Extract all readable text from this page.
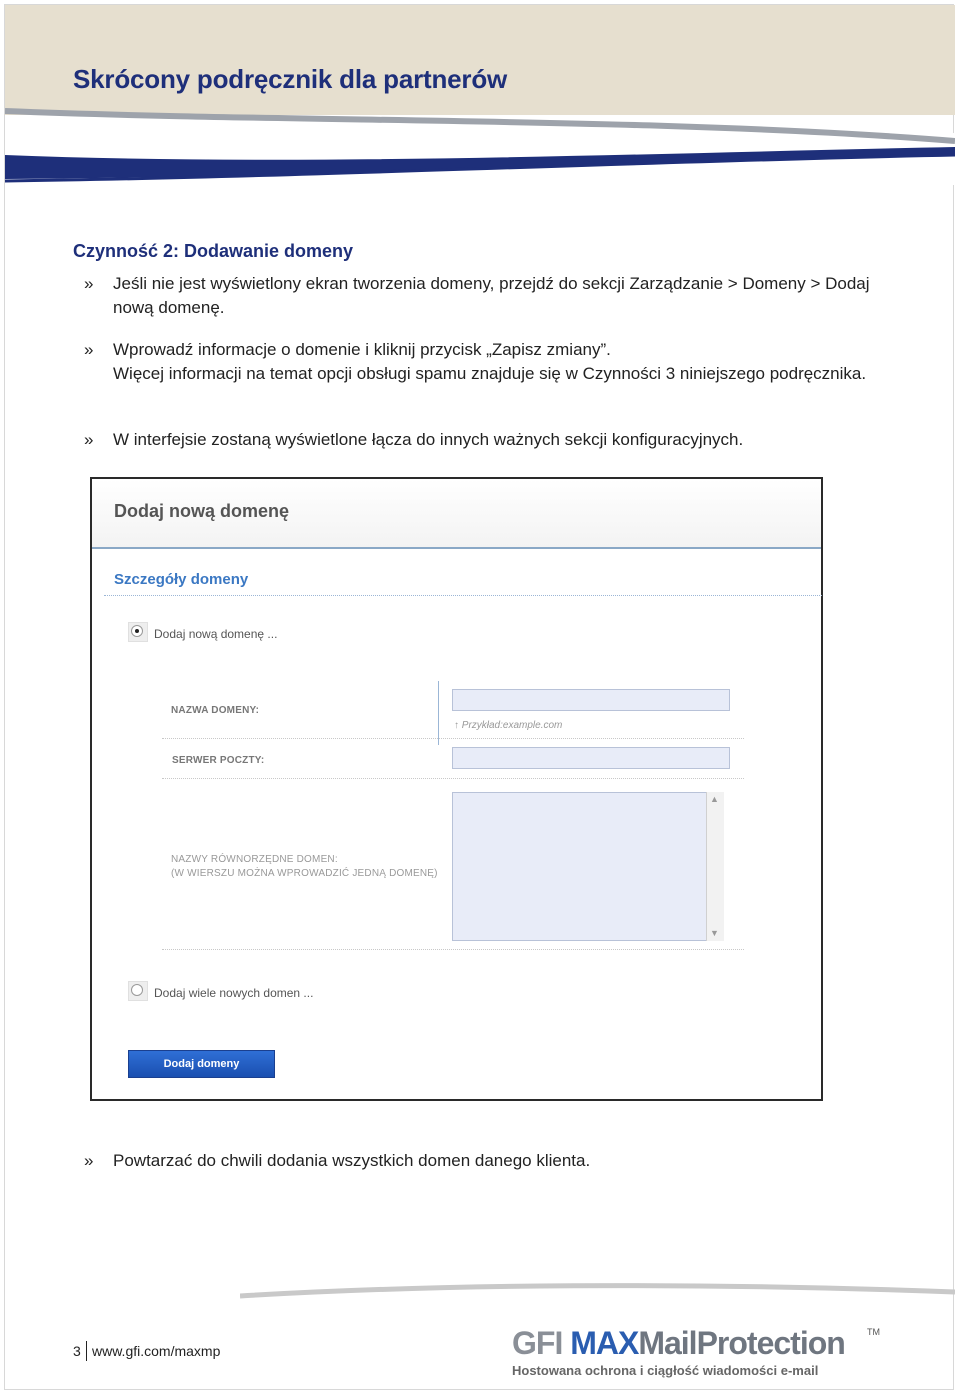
Skrócony podręcznik dla partnerów
Czynność 2: Dodawanie domeny
» Jeśli nie jest wyświetlony ekran tworzenia domeny, przejdź do sekcji Zarządzanie > Domeny > Dodaj nową domenę.
» Wprowadź informacje o domenie i kliknij przycisk „Zapisz zmiany”.
Więcej informacji na temat opcji obsługi spamu znajduje się w Czynności 3 niniejszego podręcznika.
» W interfejsie zostaną wyświetlone łącza do innych ważnych sekcji konfiguracyjnych.
Dodaj nową domenę
Szczegóły domeny
Dodaj nową domenę ...
NAZWA DOMENY:
↑ Przykład:example.com
SERWER POCZTY:
NAZWY RÓWNORZĘDNE DOMEN:
(W WIERSZU MOŻNA WPROWADZIĆ JEDNĄ DOMENĘ)
▲
▼
Dodaj wiele nowych domen ...
Dodaj domeny
» Powtarzać do chwili dodania wszystkich domen danego klienta.
3 www.gfi.com/maxmp	GFI MAXMailProtection TM
Hostowana ochrona i ciągłość wiadomości e-mail
